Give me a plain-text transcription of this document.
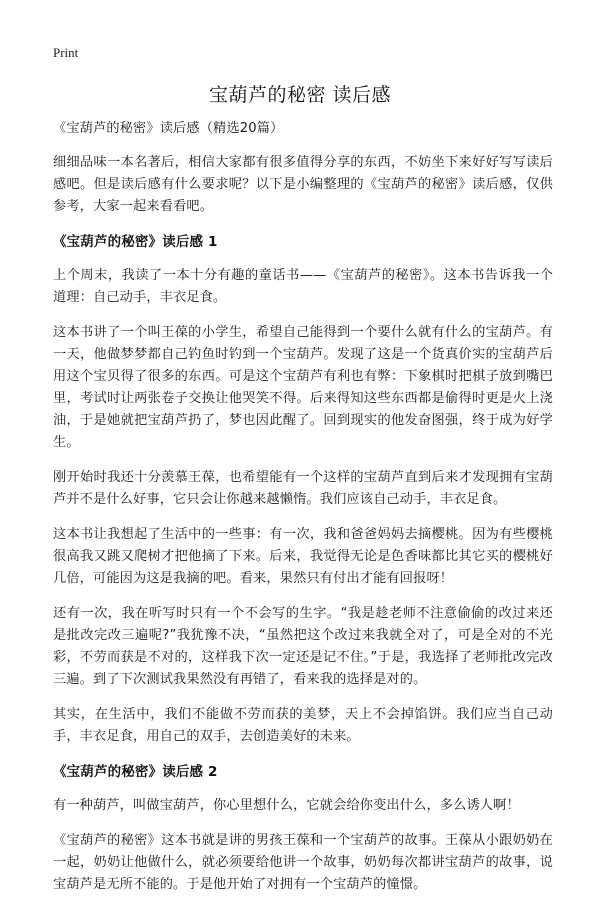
Print
宝葫芦的秘密 读后感

《宝葫芦的秘密》读后感（精选20篇）

细细品味一本名著后，相信大家都有很多值得分享的东西，不妨坐下来好好写写读后感吧。但是读后感有什么要求呢？以下是小编整理的《宝葫芦的秘密》读后感，仅供参考，大家一起来看看吧。

《宝葫芦的秘密》读后感 1

上个周末，我读了一本十分有趣的童话书——《宝葫芦的秘密》。这本书告诉我一个道理：自己动手，丰衣足食。

这本书讲了一个叫王葆的小学生，希望自己能得到一个要什么就有什么的宝葫芦。有一天，他做梦梦都自己钓鱼时钓到一个宝葫芦。发现了这是一个货真价实的宝葫芦后用这个宝贝得了很多的东西。可是这个宝葫芦有利也有弊：下象棋时把棋子放到嘴巴里，考试时让两张卷子交换让他哭笑不得。后来得知这些东西都是偷得时更是火上浇油，于是她就把宝葫芦扔了，梦也因此醒了。回到现实的他发奋图强，终于成为好学生。

刚开始时我还十分羡慕王葆，也希望能有一个这样的宝葫芦直到后来才发现拥有宝葫芦并不是什么好事，它只会让你越来越懒惰。我们应该自己动手，丰衣足食。

这本书让我想起了生活中的一些事：有一次，我和爸爸妈妈去摘樱桃。因为有些樱桃很高我又跳又爬树才把他摘了下来。后来，我觉得无论是色香味都比其它买的樱桃好几倍，可能因为这是我摘的吧。看来，果然只有付出才能有回报呀！

还有一次，我在听写时只有一个不会写的生字。“我是趁老师不注意偷偷的改过来还是批改完改三遍呢?”我犹豫不决，“虽然把这个改过来我就全对了，可是全对的不光彩，不劳而获是不对的，这样我下次一定还是记不住。”于是，我选择了老师批改完改三遍。到了下次测试我果然没有再错了，看来我的选择是对的。

其实，在生活中，我们不能做不劳而获的美梦，天上不会掉馅饼。我们应当自己动手，丰衣足食，用自己的双手，去创造美好的未来。

《宝葫芦的秘密》读后感 2

有一种葫芦，叫做宝葫芦，你心里想什么，它就会给你变出什么，多么诱人啊！

《宝葫芦的秘密》这本书就是讲的男孩王葆和一个宝葫芦的故事。王葆从小跟奶奶在一起，奶奶让他做什么，就必须要给他讲一个故事，奶奶每次都讲宝葫芦的故事，说宝葫芦是无所不能的。于是他开始了对拥有一个宝葫芦的憧憬。
